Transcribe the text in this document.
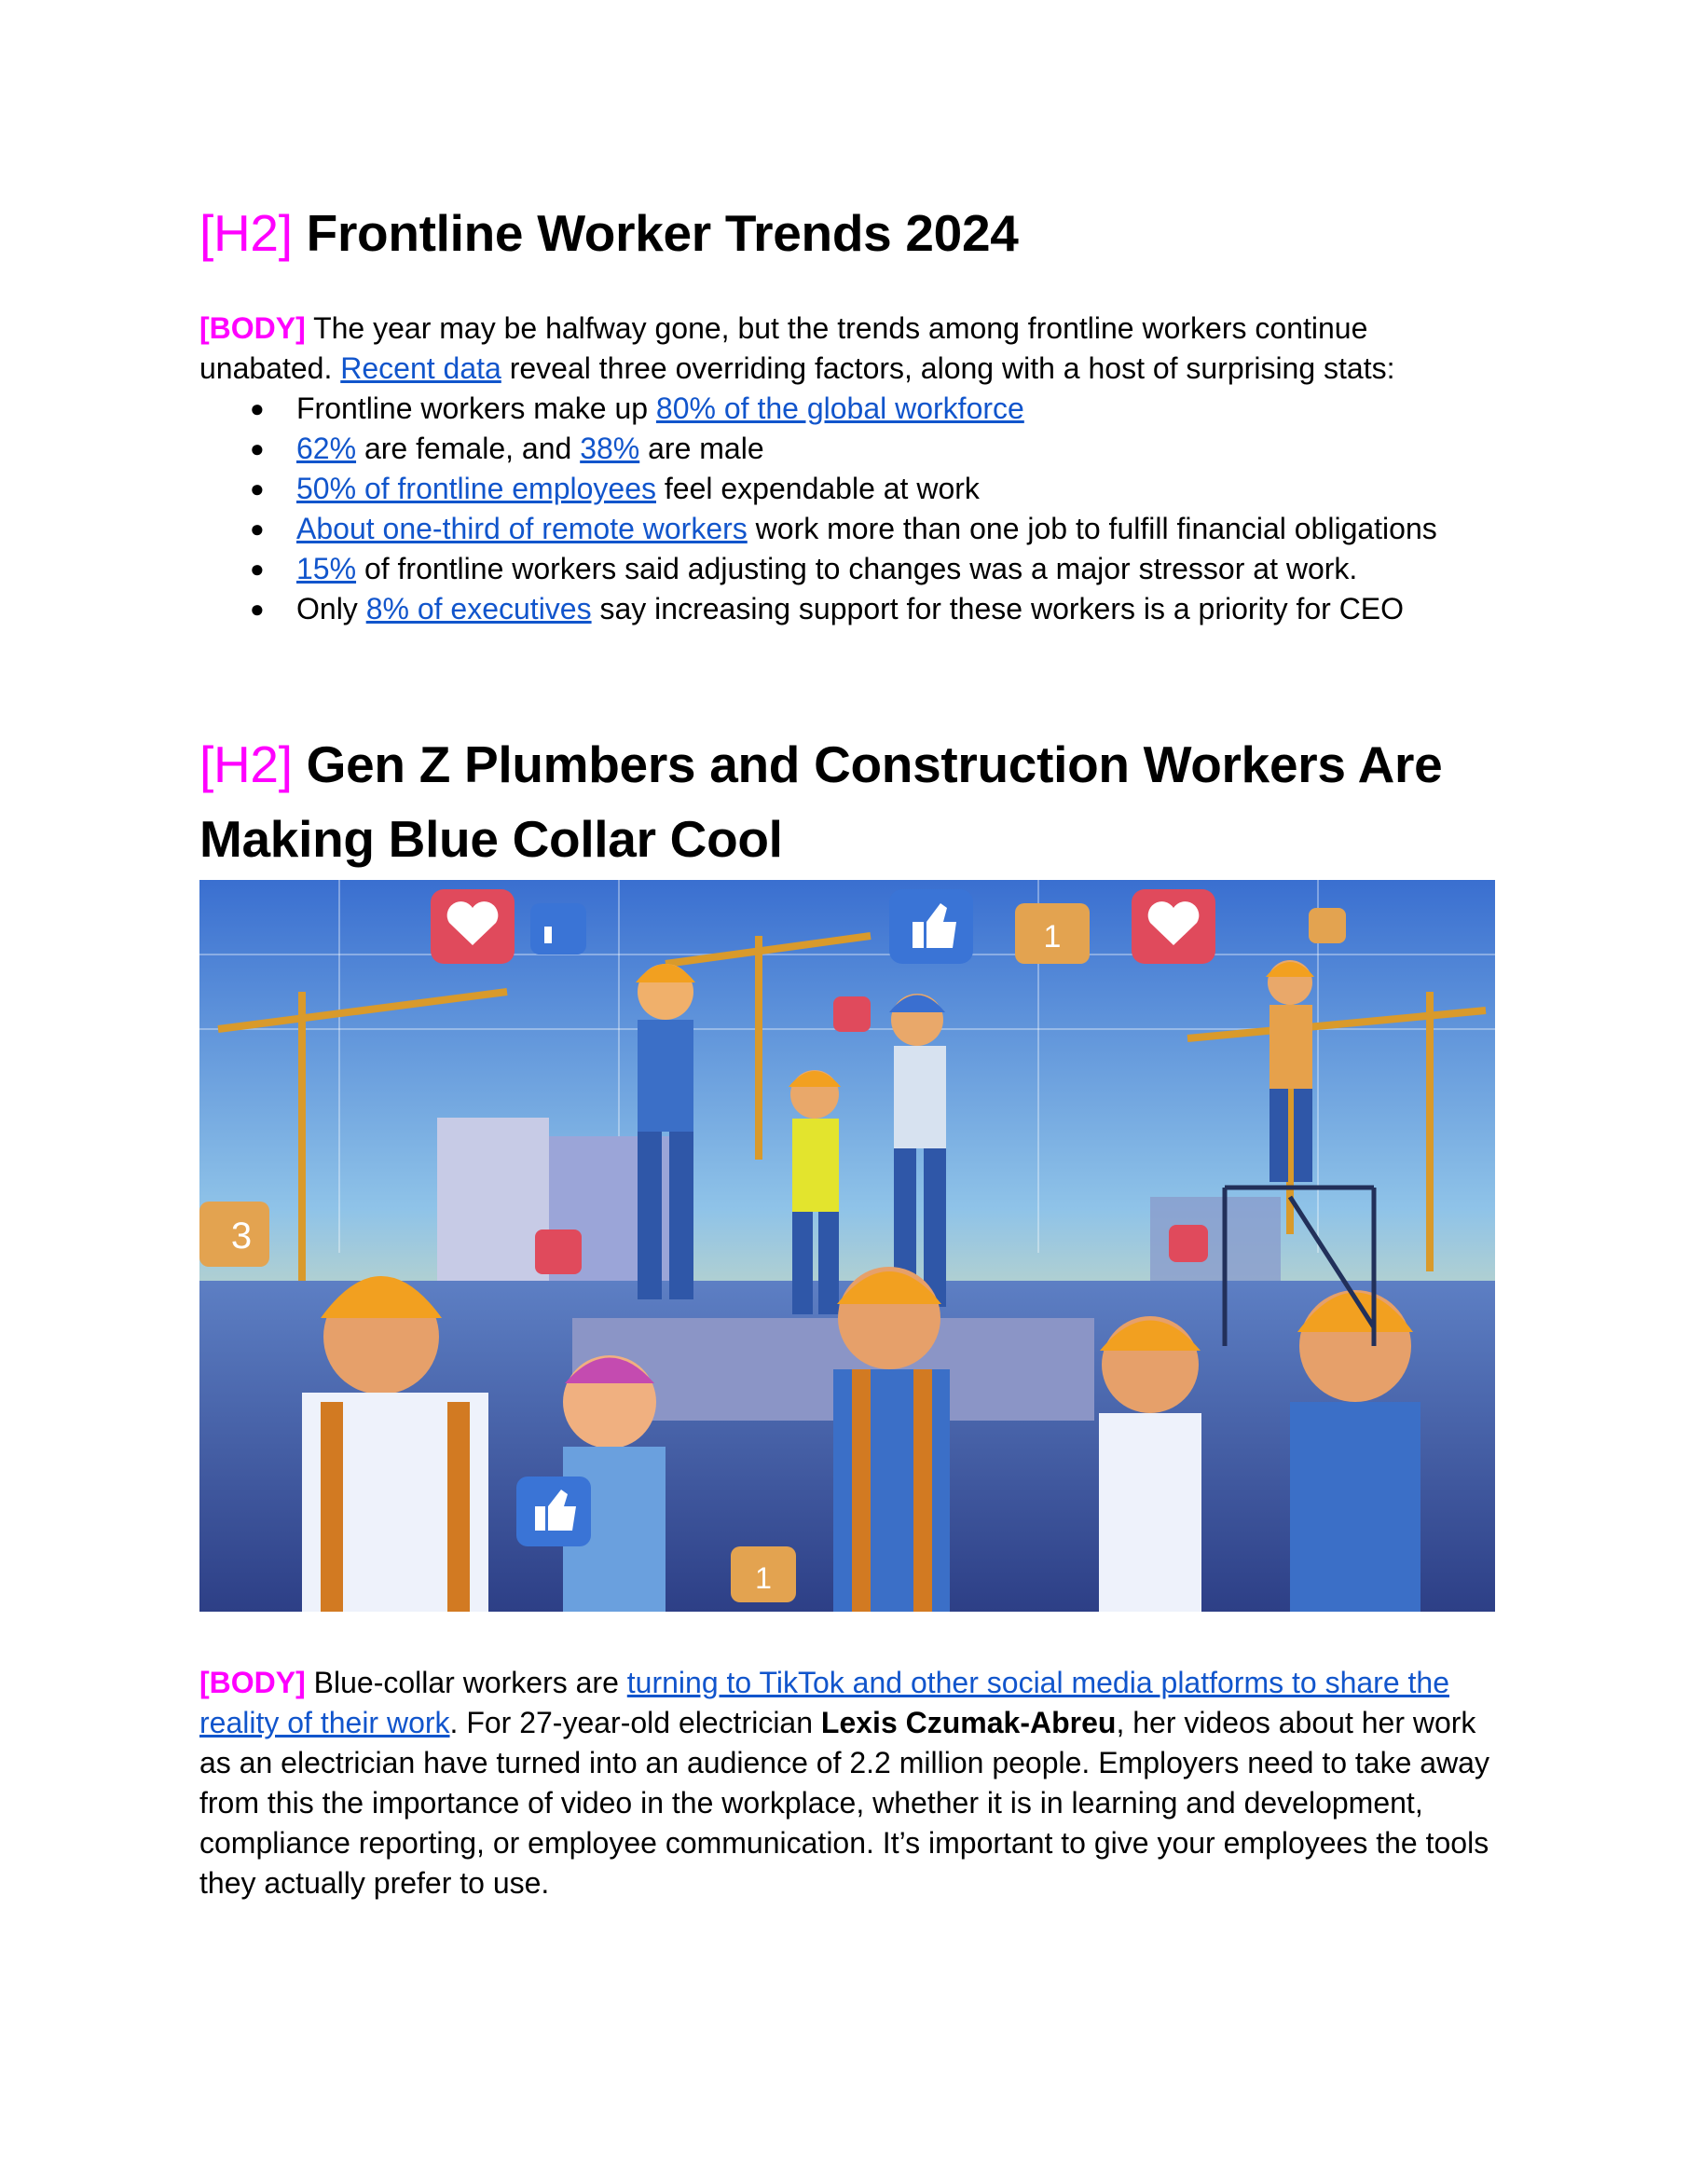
[H2] Frontline Worker Trends 2024
[BODY] The year may be halfway gone, but the trends among frontline workers continue unabated. Recent data reveal three overriding factors, along with a host of surprising stats:
● Frontline workers make up 80% of the global workforce
● 62% are female, and 38% are male
● 50% of frontline employees feel expendable at work
● About one-third of remote workers work more than one job to fulfill financial obligations
● 15% of frontline workers said adjusting to changes was a major stressor at work.
● Only 8% of executives say increasing support for these workers is a priority for CEO
[H2] Gen Z Plumbers and Construction Workers Are Making Blue Collar Cool
1
3
1
[BODY] Blue-collar workers are turning to TikTok and other social media platforms to share the reality of their work. For 27-year-old electrician Lexis Czumak-Abreu, her videos about her work as an electrician have turned into an audience of 2.2 million people. Employers need to take away from this the importance of video in the workplace, whether it is in learning and development, compliance reporting, or employee communication. It’s important to give your employees the tools they actually prefer to use.
